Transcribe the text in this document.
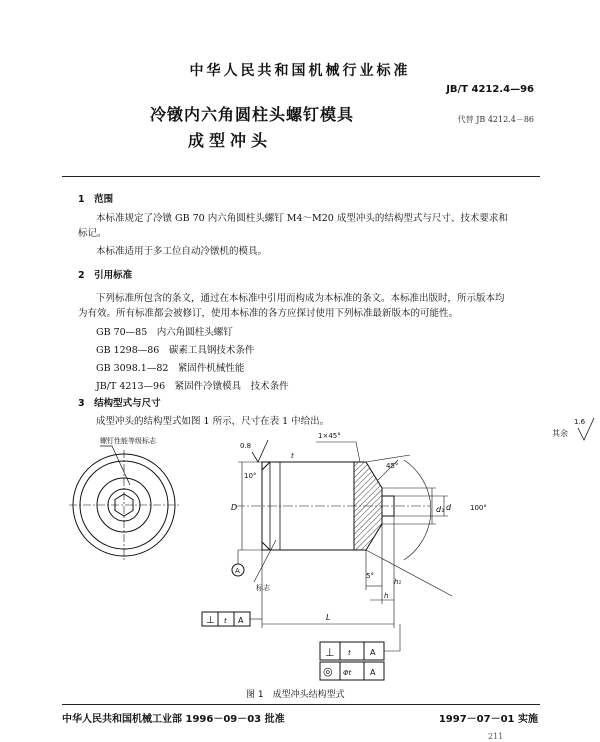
中华人民共和国机械行业标准
JB/T 4212.4—96
冷镦内六角圆柱头螺钉模具	代替 JB 4212.4－86
成型冲头
1　范围
本标准规定了冷镦 GB 70 内六角圆柱头螺钉 M4～M20 成型冲头的结构型式与尺寸、技术要求和
标记。
本标准适用于多工位自动冷镦机的模具。
2　引用标准
下列标准所包含的条文，通过在本标准中引用而构成为本标准的条文。本标准出版时，所示版本均
为有效。所有标准都会被修订，使用本标准的各方应探讨使用下列标准最新版本的可能性。
GB 70—85　内六角圆柱头螺钉
GB 1298—86　碳素工具钢技术条件
GB 3098.1—82　紧固件机械性能
JB/T 4213—96　紧固件冷镦模具　技术条件
3　结构型式与尺寸
成型冲头的结构型式如图 1 所示，尺寸在表 1 中给出。
螺钉性能等级标志
0.8
1.6
其余
10°
1×45°
45°
100°
5°
D	d₁ d
h₁
h
L
t
A
标志
⊥ t A
⊥ t A
◎ Φt A
图 1　成型冲头结构型式
中华人民共和国机械工业部 1996－09－03 批准	1997－07－01 实施
211
